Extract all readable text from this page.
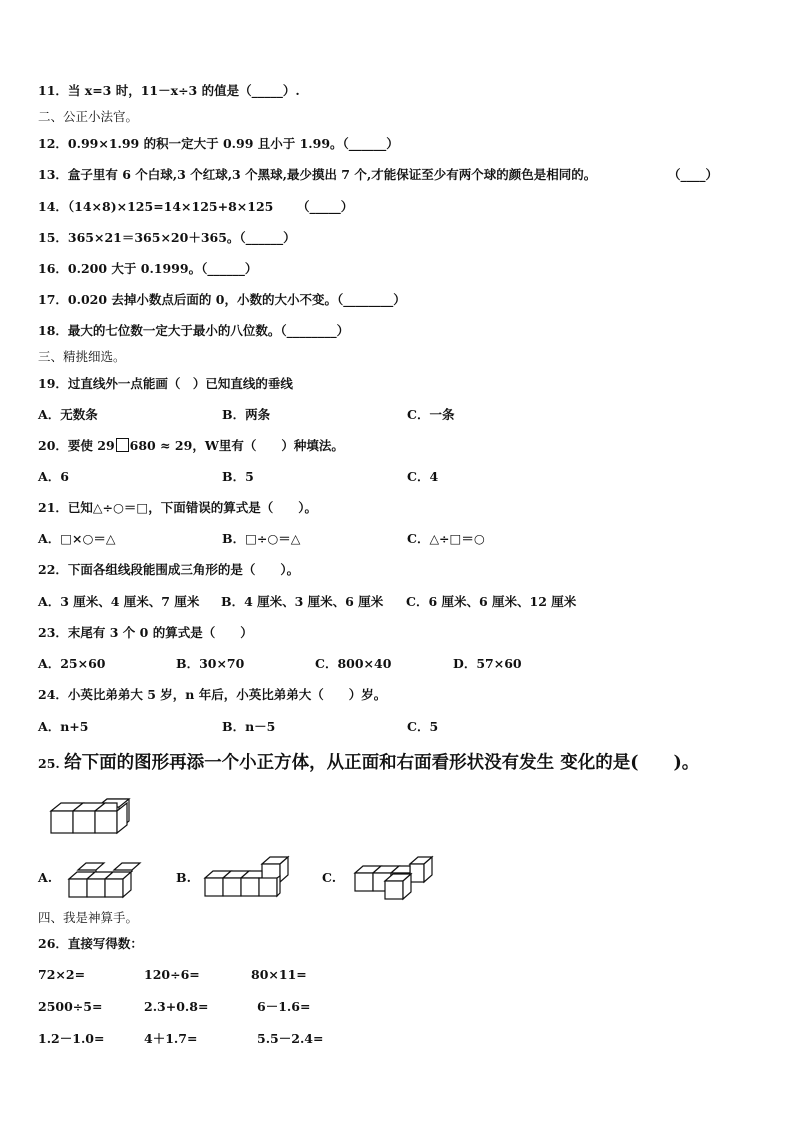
11．当 x=3 时，11－x÷3 的值是（_____）.
二、公正小法官。
12．0.99×1.99 的积一定大于 0.99 且小于 1.99。（______）
13．盒子里有 6 个白球,3 个红球,3 个黑球,最少摸出 7 个,才能保证至少有两个球的颜色是相同的。	（____）
14．（14×8)×125=14×125+8×125 （_____）
15．365×21＝365×20＋365。（______）
16．0.200 大于 0.1999。（______）
17．0.020 去掉小数点后面的 0，小数的大小不变。（________）
18．最大的七位数一定大于最小的八位数。（________）
三、精挑细选。
19．过直线外一点能画（　）已知直线的垂线
A．无数条	B．两条	C．一条
20．要使 29 680 ≈ 29，W里有（　　）种填法。
A．6	B．5	C．4
21．已知△÷○＝□，下面错误的算式是（　　）。
A．□×○＝△	B．□÷○＝△	C．△÷□＝○
22．下面各组线段能围成三角形的是（　　）。
A．3 厘米、4 厘米、7 厘米 B．4 厘米、3 厘米、6 厘米 C．6 厘米、6 厘米、12 厘米
23．末尾有 3 个 0 的算式是（　　）
A．25×60	B．30×70	C．800×40	D．57×60
24．小英比弟弟大 5 岁，n 年后，小英比弟弟大（　　）岁。
A．n+5	B．n－5	C．5
25. 给下面的图形再添一个小正方体，从正面和右面看形状没有发生 变化的是(　　)。
A.	B.	C.
四、我是神算手。
26．直接写得数：
72×2=	120÷6=	80×11=
2500÷5=	2.3+0.8=	6－1.6=
1.2－1.0=	4＋1.7=	5.5－2.4=
